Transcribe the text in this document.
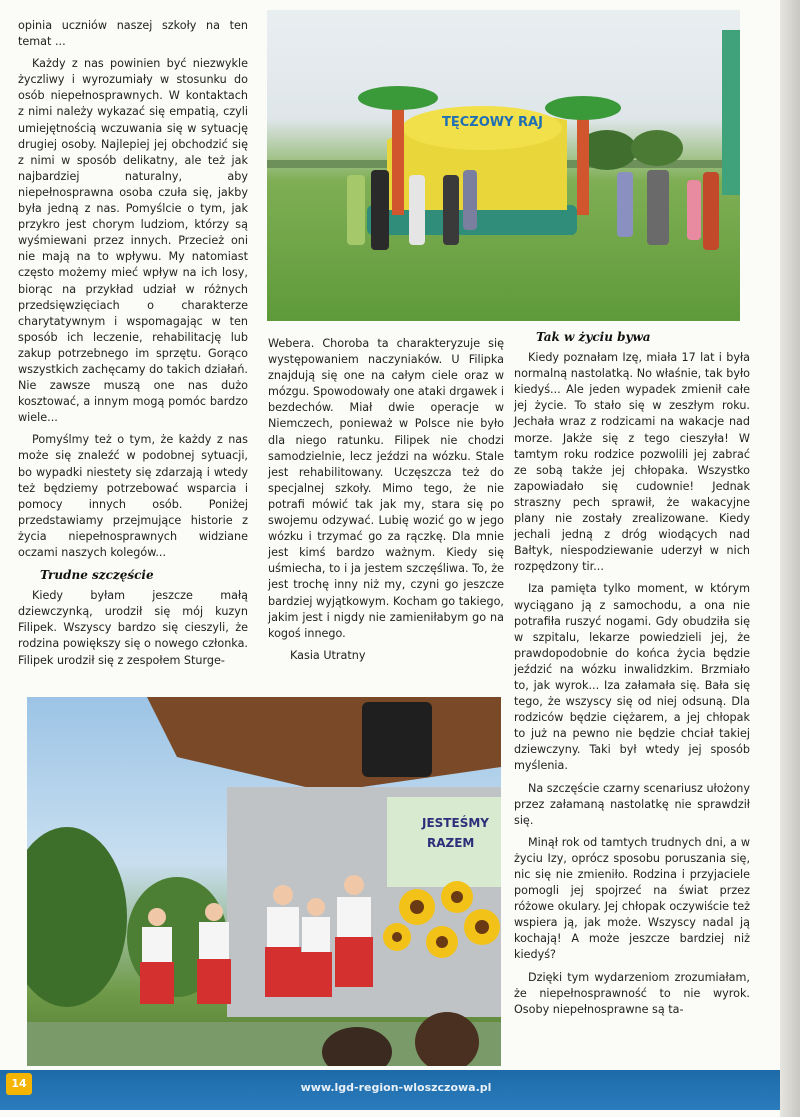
opinia uczniów naszej szkoły na ten temat ...

Każdy z nas powinien być niezwykle życzliwy i wyrozumiały w stosunku do osób niepełnosprawnych. W kontaktach z nimi należy wykazać się empatią, czyli umiejętnością wczuwania się w sytuację drugiej osoby. Najlepiej jej obchodzić się z nimi w sposób delikatny, ale też jak najbardziej naturalny, aby niepełnosprawna osoba czuła się, jakby była jedną z nas. Pomyślcie o tym, jak przykro jest chorym ludziom, którzy są wyśmiewani przez innych. Przecież oni nie mają na to wpływu. My natomiast często możemy mieć wpływ na ich losy, biorąc na przykład udział w różnych przedsięwzięciach o charakterze charytatywnym i wspomagając w ten sposób ich leczenie, rehabilitację lub zakup potrzebnego im sprzętu. Gorąco wszystkich zachęcamy do takich działań. Nie zawsze muszą one nas dużo kosztować, a innym mogą pomóc bardzo wiele...

Pomyślmy też o tym, że każdy z nas może się znaleźć w podobnej sytuacji, bo wypadki niestety się zdarzają i wtedy też będziemy potrzebować wsparcia i pomocy innych osób. Poniżej przedstawiamy przejmujące historie z życia niepełnosprawnych widziane oczami naszych kolegów...

Trudne szczęście

Kiedy byłam jeszcze małą dziewczynką, urodził się mój kuzyn Filipek. Wszyscy bardzo się cieszyli, że rodzina powiększy się o nowego członka. Filipek urodził się z zespołem Sturge-

TĘCZOWY RAJ

Webera. Choroba ta charakteryzuje się występowaniem naczyniaków. U Filipka znajdują się one na całym ciele oraz w mózgu. Spowodowały one ataki drgawek i bezdechów. Miał dwie operacje w Niemczech, ponieważ w Polsce nie było dla niego ratunku. Filipek nie chodzi samodzielnie, lecz jeździ na wózku. Stale jest rehabilitowany. Uczęszcza też do specjalnej szkoły. Mimo tego, że nie potrafi mówić tak jak my, stara się po swojemu odzywać. Lubię wozić go w jego wózku i trzymać go za rączkę. Dla mnie jest kimś bardzo ważnym. Kiedy się uśmiecha, to i ja jestem szczęśliwa. To, że jest trochę inny niż my, czyni go jeszcze bardziej wyjątkowym. Kocham go takiego, jakim jest i nigdy nie zamieniłabym go na kogoś innego.

Kasia Utratny
Tak w życiu bywa

Kiedy poznałam Izę, miała 17 lat i była normalną nastolatką. No właśnie, tak było kiedyś... Ale jeden wypadek zmienił całe jej życie. To stało się w zeszłym roku. Jechała wraz z rodzicami na wakacje nad morze. Jakże się z tego cieszyła! W tamtym roku rodzice pozwolili jej zabrać ze sobą także jej chłopaka. Wszystko zapowiadało się cudownie! Jednak straszny pech sprawił, że wakacyjne plany nie zostały zrealizowane. Kiedy jechali jedną z dróg wiodących nad Bałtyk, niespodziewanie uderzył w nich rozpędzony tir...

Iza pamięta tylko moment, w którym wyciągano ją z samochodu, a ona nie potrafiła ruszyć nogami. Gdy obudziła się w szpitalu, lekarze powiedzieli jej, że prawdopodobnie do końca życia będzie jeździć na wózku inwalidzkim. Brzmiało to, jak wyrok... Iza załamała się. Bała się tego, że wszyscy się od niej odsuną. Dla rodziców będzie ciężarem, a jej chłopak to już na pewno nie będzie chciał takiej dziewczyny. Taki był wtedy jej sposób myślenia.

Na szczęście czarny scenariusz ułożony przez załamaną nastolatkę nie sprawdził się.

Minął rok od tamtych trudnych dni, a w życiu Izy, oprócz sposobu poruszania się, nic się nie zmieniło. Rodzina i przyjaciele pomogli jej spojrzeć na świat przez różowe okulary. Jej chłopak oczywiście też wspiera ją, jak może. Wszyscy nadal ją kochają! A może jeszcze bardziej niż kiedyś?

Dzięki tym wydarzeniom zrozumiałam, że niepełnosprawność to nie wyrok. Osoby niepełnosprawne są ta-

JESTEŚMY
RAZEM
www.lgd-region-wloszczowa.pl
14
